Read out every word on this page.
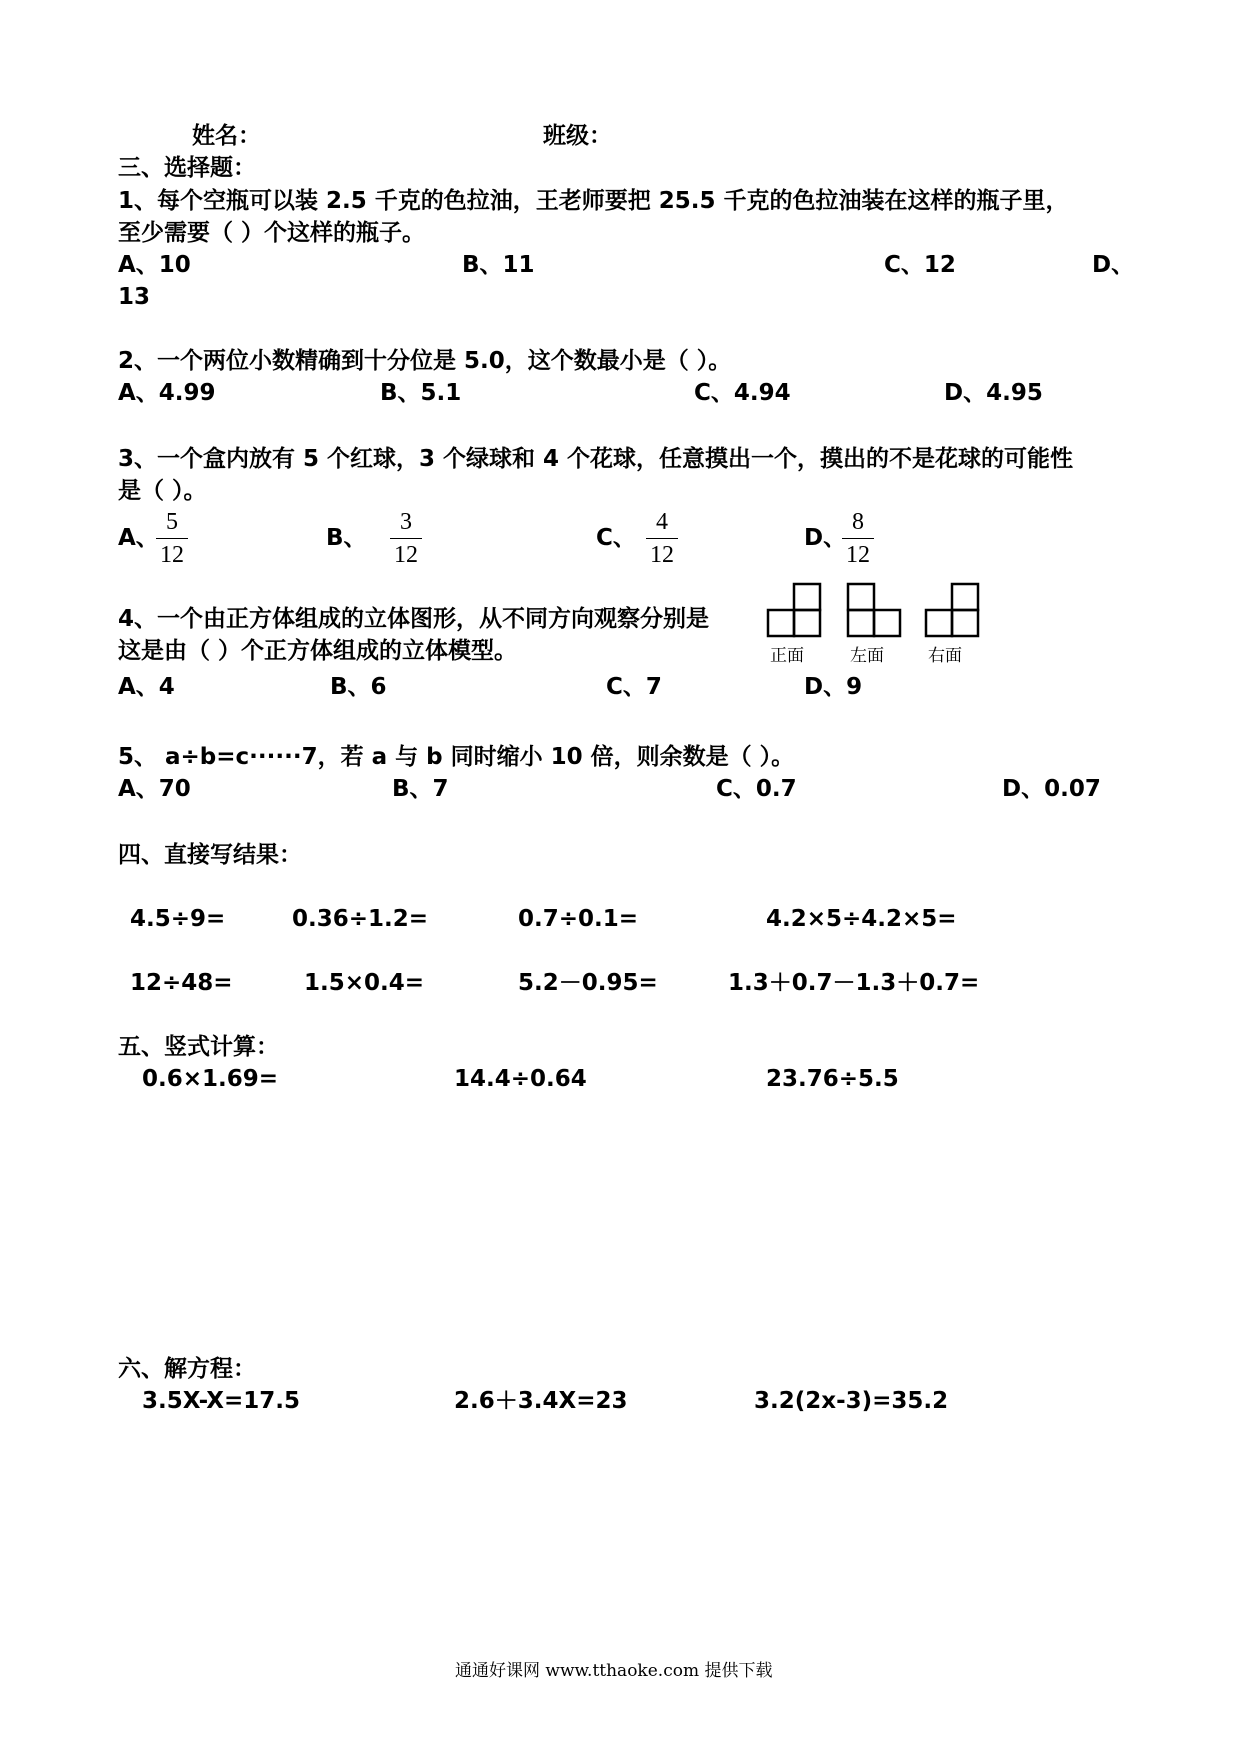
姓名：	班级：
三、选择题：
1、每个空瓶可以装 2.5 千克的色拉油，王老师要把 25.5 千克的色拉油装在这样的瓶子里，
至少需要（ ）个这样的瓶子。
A、10	B、11	C、12	D、
13
2、一个两位小数精确到十分位是 5.0，这个数最小是（ ）。
A、4.99	B、5.1	C、4.94	D、4.95
3、一个盒内放有 5 个红球，3 个绿球和 4 个花球，任意摸出一个，摸出的不是花球的可能性
是（ ）。
A、
5
12
B、
3
12
C、
4
12
D、
8
12
4、一个由正方体组成的立体图形，从不同方向观察分别是
这是由（ ）个正方体组成的立体模型。	正面	左面	右面
A、4	B、6	C、7	D、9
5、 a÷b=c······7，若 a 与 b 同时缩小 10 倍，则余数是（ ）。
A、70	B、7	C、0.7	D、0.07
四、直接写结果：
4.5÷9=	0.36÷1.2=	0.7÷0.1=	4.2×5÷4.2×5=
12÷48=	1.5×0.4=	5.2－0.95=	1.3＋0.7－1.3＋0.7=
五、竖式计算：
0.6×1.69=	14.4÷0.64	23.76÷5.5
六、解方程：
3.5X-X=17.5	2.6＋3.4X=23	3.2(2x-3)=35.2
通通好课网 www.tthaoke.com 提供下载
